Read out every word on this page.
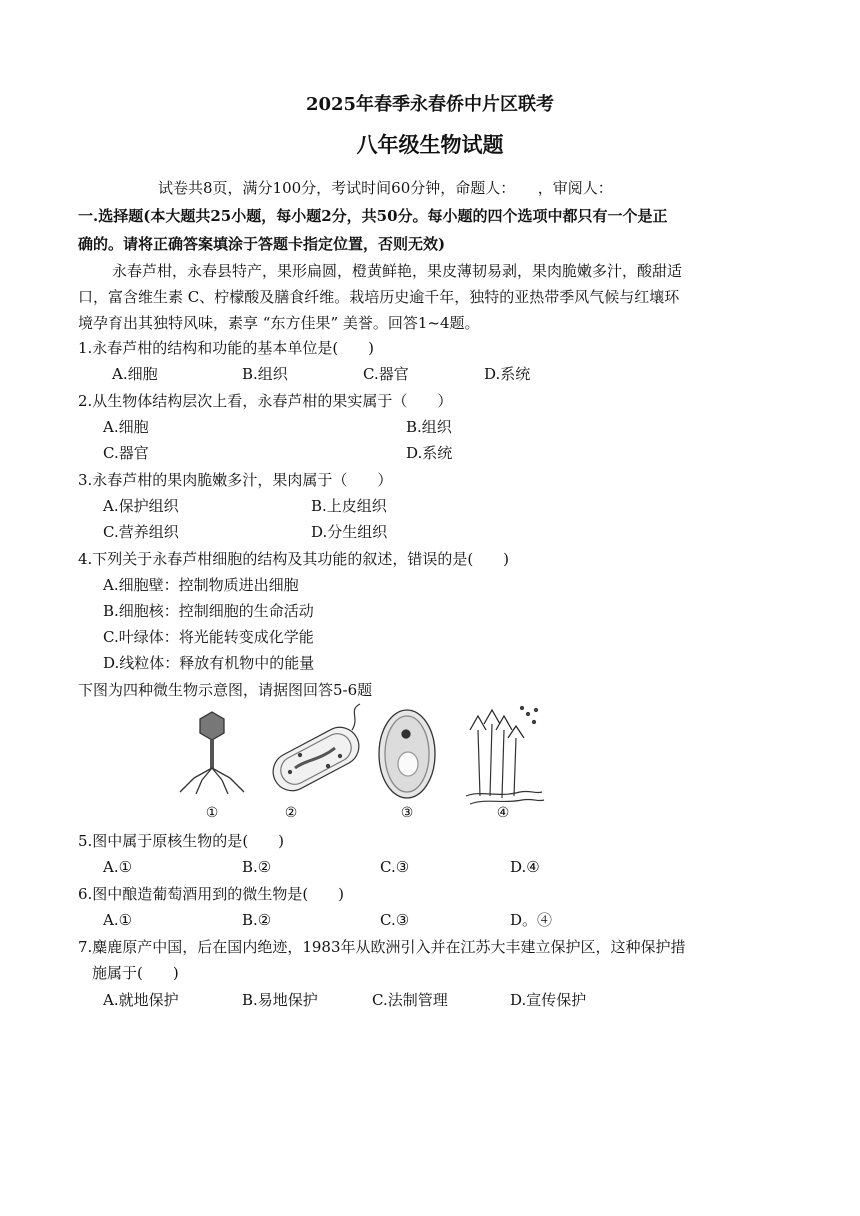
2025年春季永春侨中片区联考
八年级生物试题
试卷共8页，满分100分，考试时间60分钟，命题人：　　，审阅人：
一.选择题(本大题共25小题，每小题2分，共50分。每小题的四个选项中都只有一个是正
确的。请将正确答案填涂于答题卡指定位置，否则无效)
永春芦柑，永春县特产，果形扁圆，橙黄鲜艳，果皮薄韧易剥，果肉脆嫩多汁，酸甜适
口，富含维生素 C、柠檬酸及膳食纤维。栽培历史逾千年，独特的亚热带季风气候与红壤环
境孕育出其独特风味，素享 “东方佳果” 美誉。回答1~4题。
1.永春芦柑的结构和功能的基本单位是(　　)
A.细胞	B.组织	C.器官	D.系统
2.从生物体结构层次上看，永春芦柑的果实属于（　　）
A.细胞	B.组织
C.器官	D.系统
3.永春芦柑的果肉脆嫩多汁，果肉属于（　　）
A.保护组织	B.上皮组织
C.营养组织	D.分生组织
4.下列关于永春芦柑细胞的结构及其功能的叙述，错误的是(　　)
A.细胞壁：控制物质进出细胞
B.细胞核：控制细胞的生命活动
C.叶绿体：将光能转变成化学能
D.线粒体：释放有机物中的能量
下图为四种微生物示意图，请据图回答5-6题
①	②	③	④
5.图中属于原核生物的是(　　)
A.①	B.②	C.③	D.④
6.图中酿造葡萄酒用到的微生物是(　　)
A.①	B.②	C.③	D。④
7.麋鹿原产中国，后在国内绝迹，1983年从欧洲引入并在江苏大丰建立保护区，这种保护措
施属于(　　)
A.就地保护	B.易地保护	C.法制管理	D.宣传保护
